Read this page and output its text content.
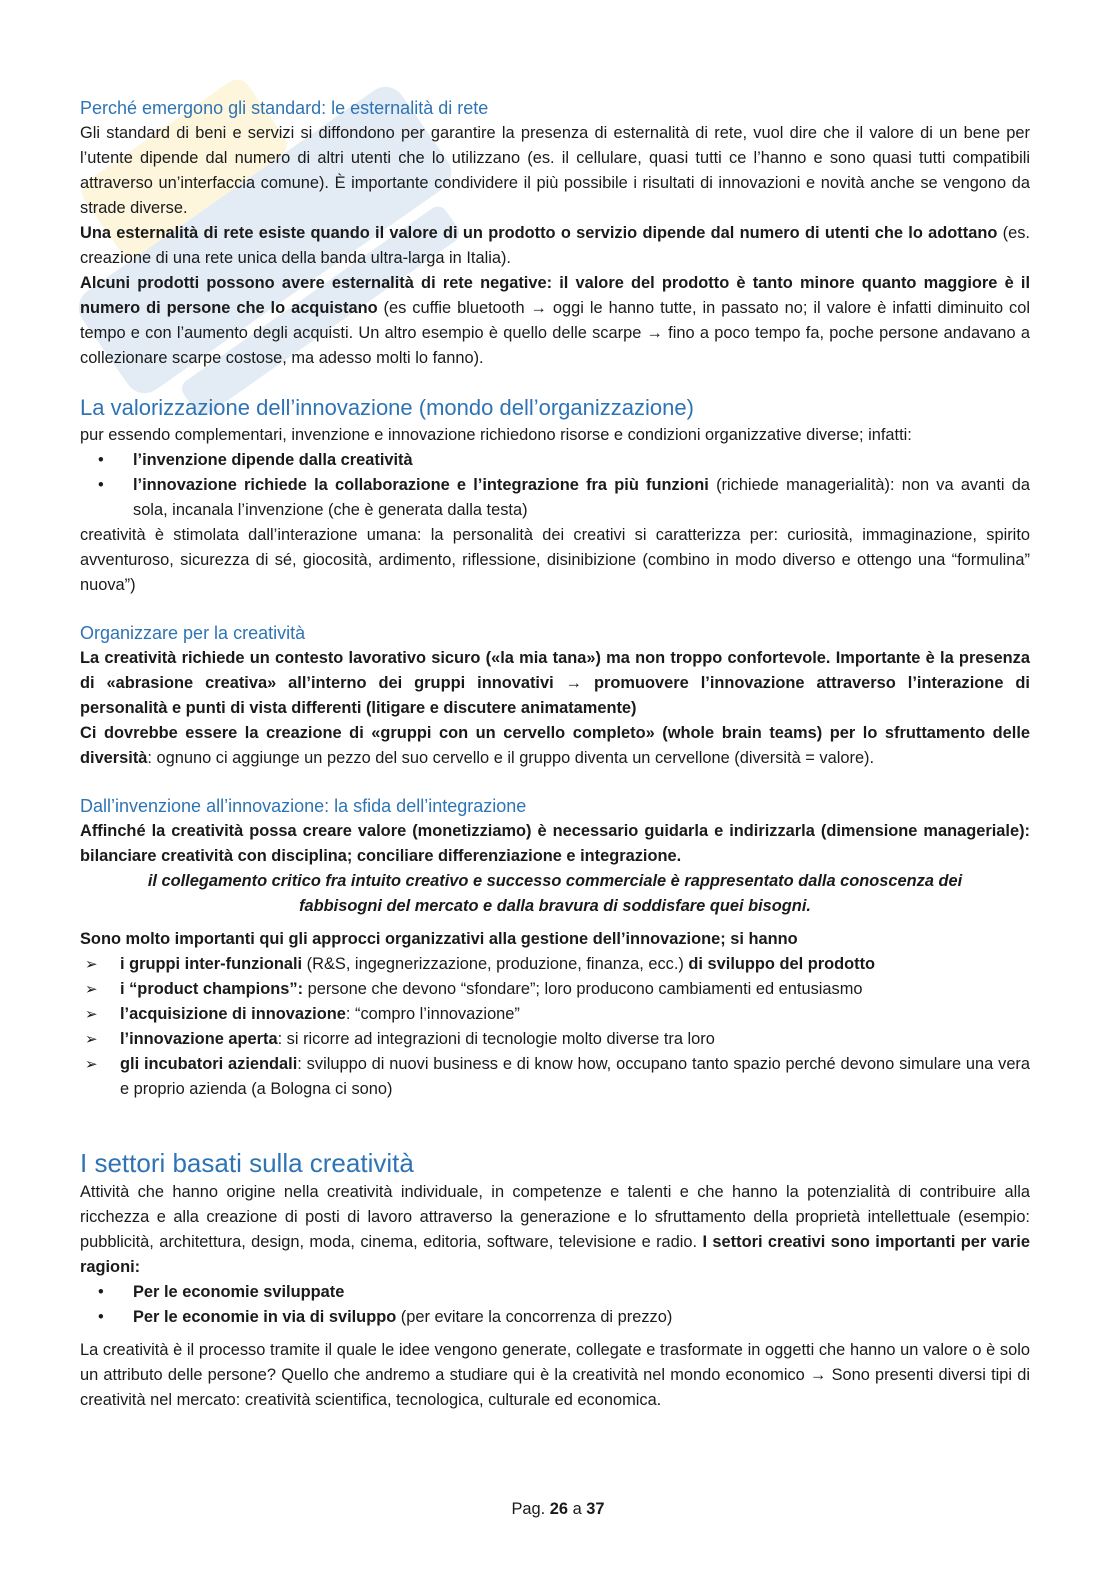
Perché emergono gli standard: le esternalità di rete

Gli standard di beni e servizi si diffondono per garantire la presenza di esternalità di rete, vuol dire che il valore di un bene per l’utente dipende dal numero di altri utenti che lo utilizzano (es. il cellulare, quasi tutti ce l’hanno e sono quasi tutti compatibili attraverso un’interfaccia comune). È importante condividere il più possibile i risultati di innovazioni e novità anche se vengono da strade diverse.

Una esternalità di rete esiste quando il valore di un prodotto o servizio dipende dal numero di utenti che lo adottano (es. creazione di una rete unica della banda ultra-larga in Italia).

Alcuni prodotti possono avere esternalità di rete negative: il valore del prodotto è tanto minore quanto maggiore è il numero di persone che lo acquistano (es cuffie bluetooth → oggi le hanno tutte, in passato no; il valore è infatti diminuito col tempo e con l’aumento degli acquisti. Un altro esempio è quello delle scarpe → fino a poco tempo fa, poche persone andavano a collezionare scarpe costose, ma adesso molti lo fanno).

La valorizzazione dell’innovazione (mondo dell’organizzazione)

pur essendo complementari, invenzione e innovazione richiedono risorse e condizioni organizzative diverse; infatti:

• l’invenzione dipende dalla creatività
• l’innovazione richiede la collaborazione e l’integrazione fra più funzioni (richiede managerialità): non va avanti da sola, incanala l’invenzione (che è generata dalla testa)

creatività è stimolata dall’interazione umana: la personalità dei creativi si caratterizza per: curiosità, immaginazione, spirito avventuroso, sicurezza di sé, giocosità, ardimento, riflessione, disinibizione (combino in modo diverso e ottengo una “formulina” nuova”)

Organizzare per la creatività

La creatività richiede un contesto lavorativo sicuro («la mia tana») ma non troppo confortevole. Importante è la presenza di «abrasione creativa» all’interno dei gruppi innovativi → promuovere l’innovazione attraverso l’interazione di personalità e punti di vista differenti (litigare e discutere animatamente)

Ci dovrebbe essere la creazione di «gruppi con un cervello completo» (whole brain teams) per lo sfruttamento delle diversità: ognuno ci aggiunge un pezzo del suo cervello e il gruppo diventa un cervellone (diversità = valore).

Dall’invenzione all’innovazione: la sfida dell’integrazione

Affinché la creatività possa creare valore (monetizziamo) è necessario guidarla e indirizzarla (dimensione manageriale): bilanciare creatività con disciplina; conciliare differenziazione e integrazione.

il collegamento critico fra intuito creativo e successo commerciale è rappresentato dalla conoscenza dei fabbisogni del mercato e dalla bravura di soddisfare quei bisogni.

Sono molto importanti qui gli approcci organizzativi alla gestione dell’innovazione; si hanno

➢ i gruppi inter-funzionali (R&S, ingegnerizzazione, produzione, finanza, ecc.) di sviluppo del prodotto
➢ i “product champions”: persone che devono “sfondare”; loro producono cambiamenti ed entusiasmo
➢ l’acquisizione di innovazione: “compro l’innovazione”
➢ l’innovazione aperta: si ricorre ad integrazioni di tecnologie molto diverse tra loro
➢ gli incubatori aziendali: sviluppo di nuovi business e di know how, occupano tanto spazio perché devono simulare una vera e proprio azienda (a Bologna ci sono)
I settori basati sulla creatività

Attività che hanno origine nella creatività individuale, in competenze e talenti e che hanno la potenzialità di contribuire alla ricchezza e alla creazione di posti di lavoro attraverso la generazione e lo sfruttamento della proprietà intellettuale (esempio: pubblicità, architettura, design, moda, cinema, editoria, software, televisione e radio. I settori creativi sono importanti per varie ragioni:

• Per le economie sviluppate
• Per le economie in via di sviluppo (per evitare la concorrenza di prezzo)

La creatività è il processo tramite il quale le idee vengono generate, collegate e trasformate in oggetti che hanno un valore o è solo un attributo delle persone? Quello che andremo a studiare qui è la creatività nel mondo economico → Sono presenti diversi tipi di creatività nel mercato: creatività scientifica, tecnologica, culturale ed economica.

Pag. 26 a 37
